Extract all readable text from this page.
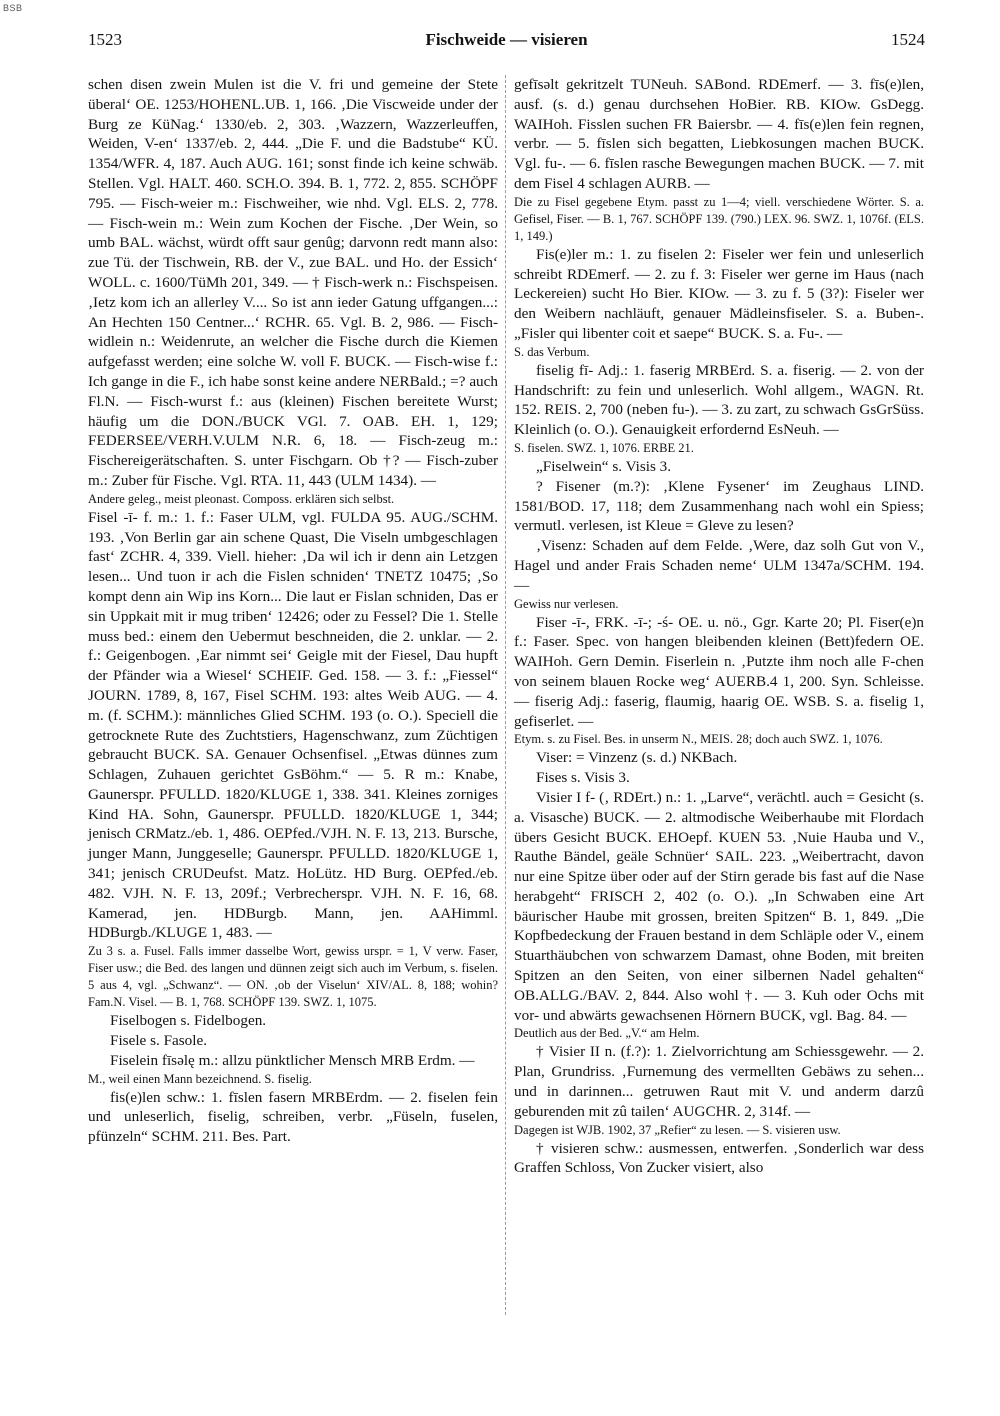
BSB
1523	Fischweide — visieren	1524

schen disen zwein Mulen ist die V. fri und gemeine der Stete überal‘ OE. 1253/HOHENL.UB. 1, 166. ‚Die Viscweide under der Burg ze KüNag.‘ 1330/eb. 2, 303. ‚Wazzern, Wazzerleuffen, Weiden, V-en‘ 1337/eb. 2, 444. „Die F. und die Badstube“ KÜ. 1354/WFR. 4, 187. Auch AUG. 161; sonst finde ich keine schwäb. Stellen. Vgl. HALT. 460. SCH.O. 394. B. 1, 772. 2, 855. SCHÖPF 795. — Fisch-weier m.: Fischweiher, wie nhd. Vgl. ELS. 2, 778. — Fisch-wein m.: Wein zum Kochen der Fische. ‚Der Wein, so umb BAL. wächst, würdt offt saur genûg; darvonn redt mann also: zue Tü. der Tischwein, RB. der V., zue BAL. und Ho. der Essich‘ WOLL. c. 1600/TüMh 201, 349. — † Fisch-werk n.: Fischspeisen. ‚Ietz kom ich an allerley V.... So ist ann ieder Gatung uffgangen...: An Hechten 150 Centner...‘ RCHR. 65. Vgl. B. 2, 986. — Fisch-widlein n.: Weidenrute, an welcher die Fische durch die Kiemen aufgefasst werden; eine solche W. voll F. BUCK. — Fisch-wise f.: Ich gange in die F., ich habe sonst keine andere NERBald.; =? auch Fl.N. — Fisch-wurst f.: aus (kleinen) Fischen bereitete Wurst; häufig um die DON./BUCK VGl. 7. OAB. EH. 1, 129; FEDERSEE/VERH.V.ULM N.R. 6, 18. — Fisch-zeug m.: Fischereigerätschaften. S. unter Fischgarn. Ob †? — Fisch-zuber m.: Zuber für Fische. Vgl. RTA. 11, 443 (ULM 1434). —

Andere geleg., meist pleonast. Composs. erklären sich selbst.

Fisel -ī- f. m.: 1. f.: Faser ULM, vgl. FULDA 95. AUG./SCHM. 193. ‚Von Berlin gar ain schene Quast, Die Viseln umbgeschlagen fast‘ ZCHR. 4, 339. Viell. hieher: ‚Da wil ich ir denn ain Letzgen lesen... Und tuon ir ach die Fislen schniden‘ TNETZ 10475; ‚So kompt denn ain Wip ins Korn... Die laut er Fislan schniden, Das er sin Uppkait mit ir mug triben‘ 12426; oder zu Fessel? Die 1. Stelle muss bed.: einem den Uebermut beschneiden, die 2. unklar. — 2. f.: Geigenbogen. ‚Ear nimmt sei‘ Geigle mit der Fiesel, Dau hupft der Pfänder wia a Wiesel‘ SCHEIF. Ged. 158. — 3. f.: „Fiessel“ JOURN. 1789, 8, 167, Fisel SCHM. 193: altes Weib AUG. — 4. m. (f. SCHM.): männliches Glied SCHM. 193 (o. O.). Speciell die getrocknete Rute des Zuchtstiers, Hagenschwanz, zum Züchtigen gebraucht BUCK. SA. Genauer Ochsenfisel. „Etwas dünnes zum Schlagen, Zuhauen gerichtet GsBöhm.“ — 5. R m.: Knabe, Gaunerspr. PFULLD. 1820/KLUGE 1, 338. 341. Kleines zorniges Kind HA. Sohn, Gaunerspr. PFULLD. 1820/KLUGE 1, 344; jenisch CRMatz./eb. 1, 486. OEPfed./VJH. N. F. 13, 213. Bursche, junger Mann, Junggeselle; Gaunerspr. PFULLD. 1820/KLUGE 1, 341; jenisch CRUDeufst. Matz. HoLütz. HD Burg. OEPfed./eb. 482. VJH. N. F. 13, 209f.; Verbrecherspr. VJH. N. F. 16, 68. Kamerad, jen. HDBurgb. Mann, jen. AAHimml. HDBurgb./KLUGE 1, 483. —

Zu 3 s. a. Fusel. Falls immer dasselbe Wort, gewiss urspr. = 1, V verw. Faser, Fiser usw.; die Bed. des langen und dünnen zeigt sich auch im Verbum, s. fiselen. 5 aus 4, vgl. „Schwanz“. — ON. ‚ob der Viselun‘ XIV/AL. 8, 188; wohin? Fam.N. Visel. — B. 1, 768. SCHÖPF 139. SWZ. 1, 1075.

Fiselbogen s. Fidelbogen.

Fisele s. Fasole.

Fiselein fīsəlę m.: allzu pünktlicher Mensch MRB Erdm. —

M., weil einen Mann bezeichnend. S. fiselig.

fis(e)len schw.: 1. fīslen fasern MRBErdm. — 2. fiselen fein und unleserlich, fiselig, schreiben, verbr. „Füseln, fuselen, pfünzeln“ SCHM. 211. Bes. Part.

gefīsəlt gekritzelt TUNeuh. SABond. RDEmerf. — 3. fīs(e)len, ausf. (s. d.) genau durchsehen HoBier. RB. KIOw. GsDegg. WAIHoh. Fisslen suchen FR Baiersbr. — 4. fīs(e)len fein regnen, verbr. — 5. fīslen sich begatten, Liebkosungen machen BUCK. Vgl. fu-. — 6. fīslen rasche Bewegungen machen BUCK. — 7. mit dem Fisel 4 schlagen AURB. —

Die zu Fisel gegebene Etym. passt zu 1—4; viell. verschiedene Wörter. S. a. Gefisel, Fiser. — B. 1, 767. SCHÖPF 139. (790.) LEX. 96. SWZ. 1, 1076f. (ELS. 1, 149.)

Fis(e)ler m.: 1. zu fiselen 2: Fiseler wer fein und unleserlich schreibt RDEmerf. — 2. zu f. 3: Fiseler wer gerne im Haus (nach Leckereien) sucht Ho Bier. KIOw. — 3. zu f. 5 (3?): Fiseler wer den Weibern nachläuft, genauer Mädleinsfiseler. S. a. Buben-. „Fisler qui libenter coit et saepe“ BUCK. S. a. Fu-. —

S. das Verbum.

fiselig fī- Adj.: 1. faserig MRBErd. S. a. fiserig. — 2. von der Handschrift: zu fein und unleserlich. Wohl allgem., WAGN. Rt. 152. REIS. 2, 700 (neben fu-). — 3. zu zart, zu schwach GsGrSüss. Kleinlich (o. O.). Genauigkeit erfordernd EsNeuh. —

S. fiselen. SWZ. 1, 1076. ERBE 21.

„Fiselwein“ s. Visis 3.

? Fisener (m.?): ‚Klene Fysener‘ im Zeughaus LIND. 1581/BOD. 17, 118; dem Zusammenhang nach wohl ein Spiess; vermutl. verlesen, ist Kleue = Gleve zu lesen?

‚Visenz: Schaden auf dem Felde. ‚Were, daz solh Gut von V., Hagel und ander Frais Schaden neme‘ ULM 1347a/SCHM. 194. —

Gewiss nur verlesen.

Fiser -ī-, FRK. -ī-; -ś- OE. u. nö., Ggr. Karte 20; Pl. Fiser(e)n f.: Faser. Spec. von hangen bleibenden kleinen (Bett)federn OE. WAIHoh. Gern Demin. Fiserlein n. ‚Putzte ihm noch alle F-chen von seinem blauen Rocke weg‘ AUERB.4 1, 200. Syn. Schleisse. — fiserig Adj.: faserig, flaumig, haarig OE. WSB. S. a. fiselig 1, gefiserlet. —

Etym. s. zu Fisel. Bes. in unserm N., MEIS. 28; doch auch SWZ. 1, 1076.

Viser: = Vinzenz (s. d.) NKBach.

Fises s. Visis 3.

Visier I f- (‚ RDErt.) n.: 1. „Larve“, verächtl. auch = Gesicht (s. a. Visasche) BUCK. — 2. altmodische Weiberhaube mit Flordach übers Gesicht BUCK. EHOepf. KUEN 53. ‚Nuie Hauba und V., Rauthe Bändel, geäle Schnüer‘ SAIL. 223. „Weibertracht, davon nur eine Spitze über oder auf der Stirn gerade bis fast auf die Nase herabgeht“ FRISCH 2, 402 (o. O.). „In Schwaben eine Art bäurischer Haube mit grossen, breiten Spitzen“ B. 1, 849. „Die Kopfbedeckung der Frauen bestand in dem Schläple oder V., einem Stuarthäubchen von schwarzem Damast, ohne Boden, mit breiten Spitzen an den Seiten, von einer silbernen Nadel gehalten“ OB.ALLG./BAV. 2, 844. Also wohl †. — 3. Kuh oder Ochs mit vor- und abwärts gewachsenen Hörnern BUCK, vgl. Bag. 84. —

Deutlich aus der Bed. „V.“ am Helm.

† Visier II n. (f.?): 1. Zielvorrichtung am Schiessgewehr. — 2. Plan, Grundriss. ‚Furnemung des vermellten Gebäws zu sehen... und in darinnen... getruwen Raut mit V. und anderm darzû geburenden mit zû tailen‘ AUGCHR. 2, 314f. —

Dagegen ist WJB. 1902, 37 „Refier“ zu lesen. — S. visieren usw.

† visieren schw.: ausmessen, entwerfen. ‚Sonderlich war dess Graffen Schloss, Von Zucker visiert, also
